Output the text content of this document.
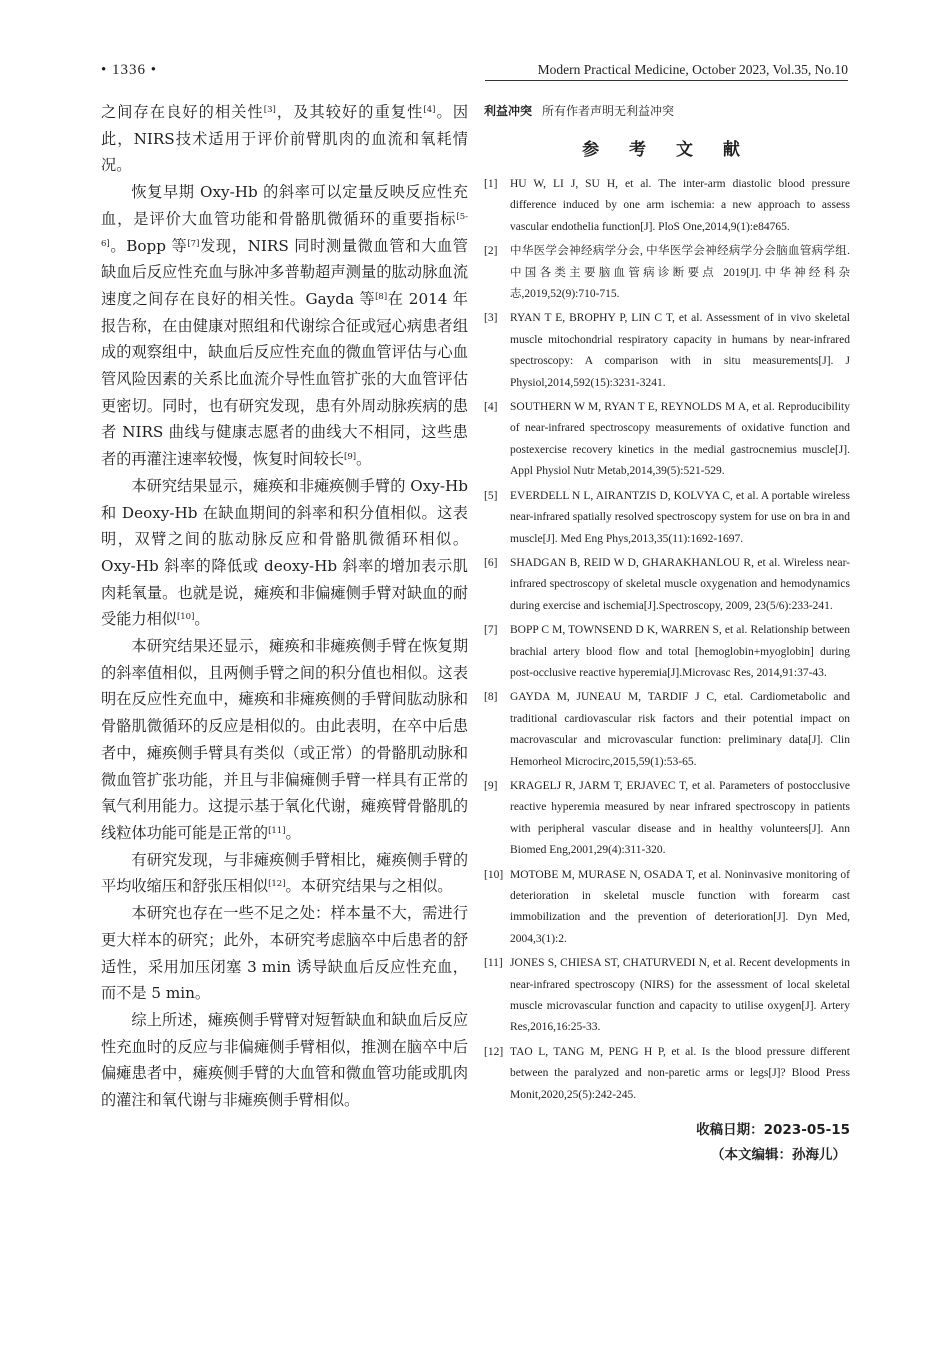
• 1336 •	Modern Practical Medicine, October 2023, Vol.35, No.10

之间存在良好的相关性[3]，及其较好的重复性[4]。因此，NIRS技术适用于评价前臂肌肉的血流和氧耗情况。

恢复早期 Oxy-Hb 的斜率可以定量反映反应性充血，是评价大血管功能和骨骼肌微循环的重要指标[5-6]。Bopp 等[7]发现，NIRS 同时测量微血管和大血管缺血后反应性充血与脉冲多普勒超声测量的肱动脉血流速度之间存在良好的相关性。Gayda 等[8]在 2014 年报告称，在由健康对照组和代谢综合征或冠心病患者组成的观察组中，缺血后反应性充血的微血管评估与心血管风险因素的关系比血流介导性血管扩张的大血管评估更密切。同时，也有研究发现，患有外周动脉疾病的患者 NIRS 曲线与健康志愿者的曲线大不相同，这些患者的再灌注速率较慢，恢复时间较长[9]。

本研究结果显示，瘫痪和非瘫痪侧手臂的 Oxy-Hb 和 Deoxy-Hb 在缺血期间的斜率和积分值相似。这表明，双臂之间的肱动脉反应和骨骼肌微循环相似。Oxy-Hb 斜率的降低或 deoxy-Hb 斜率的增加表示肌肉耗氧量。也就是说，瘫痪和非偏瘫侧手臂对缺血的耐受能力相似[10]。

本研究结果还显示，瘫痪和非瘫痪侧手臂在恢复期的斜率值相似，且两侧手臂之间的积分值也相似。这表明在反应性充血中，瘫痪和非瘫痪侧的手臂间肱动脉和骨骼肌微循环的反应是相似的。由此表明，在卒中后患者中，瘫痪侧手臂具有类似（或正常）的骨骼肌动脉和微血管扩张功能，并且与非偏瘫侧手臂一样具有正常的氧气利用能力。这提示基于氧化代谢，瘫痪臂骨骼肌的线粒体功能可能是正常的[11]。

有研究发现，与非瘫痪侧手臂相比，瘫痪侧手臂的平均收缩压和舒张压相似[12]。本研究结果与之相似。

本研究也存在一些不足之处：样本量不大，需进行更大样本的研究；此外，本研究考虑脑卒中后患者的舒适性，采用加压闭塞 3 min 诱导缺血后反应性充血，而不是 5 min。

综上所述，瘫痪侧手臂臂对短暂缺血和缺血后反应性充血时的反应与非偏瘫侧手臂相似，推测在脑卒中后偏瘫患者中，瘫痪侧手臂的大血管和微血管功能或肌肉的灌注和氧代谢与非瘫痪侧手臂相似。

利益冲突 所有作者声明无利益冲突
参 考 文 献
[1]	HU W, LI J, SU H, et al. The inter-arm diastolic blood pressure difference induced by one arm ischemia: a new approach to assess vascular endothelia function[J]. PloS One,2014,9(1):e84765.
[2]	中华医学会神经病学分会, 中华医学会神经病学分会脑血管病学组.中国各类主要脑血管病诊断要点 2019[J].中华神经科杂志,2019,52(9):710-715.
[3]	RYAN T E, BROPHY P, LIN C T, et al. Assessment of in vivo skeletal muscle mitochondrial respiratory capacity in humans by near-infrared spectroscopy: A comparison with in situ measurements[J]. J Physiol,2014,592(15):3231-3241.
[4]	SOUTHERN W M, RYAN T E, REYNOLDS M A, et al. Reproducibility of near-infrared spectroscopy measurements of oxidative function and postexercise recovery kinetics in the medial gastrocnemius muscle[J]. Appl Physiol Nutr Metab,2014,39(5):521-529.
[5]	EVERDELL N L, AIRANTZIS D, KOLVYA C, et al. A portable wireless near-infrared spatially resolved spectroscopy system for use on bra in and muscle[J]. Med Eng Phys,2013,35(11):1692-1697.
[6]	SHADGAN B, REID W D, GHARAKHANLOU R, et al. Wireless near-infrared spectroscopy of skeletal muscle oxygenation and hemodynamics during exercise and ischemia[J].Spectroscopy, 2009, 23(5/6):233-241.
[7]	BOPP C M, TOWNSEND D K, WARREN S, et al. Relationship between brachial artery blood flow and total [hemoglobin+myoglobin] during post-occlusive reactive hyperemia[J].Microvasc Res, 2014,91:37-43.
[8]	GAYDA M, JUNEAU M, TARDIF J C, etal. Cardiometabolic and traditional cardiovascular risk factors and their potential impact on macrovascular and microvascular function: preliminary data[J]. Clin Hemorheol Microcirc,2015,59(1):53-65.
[9]	KRAGELJ R, JARM T, ERJAVEC T, et al. Parameters of postocclusive reactive hyperemia measured by near infrared spectroscopy in patients with peripheral vascular disease and in healthy volunteers[J]. Ann Biomed Eng,2001,29(4):311-320.
[10] MOTOBE M, MURASE N, OSADA T, et al. Noninvasive monitoring of deterioration in skeletal muscle function with forearm cast immobilization and the prevention of deterioration[J]. Dyn Med, 2004,3(1):2.
[11] JONES S, CHIESA ST, CHATURVEDI N, et al. Recent developments in near-infrared spectroscopy (NIRS) for the assessment of local skeletal muscle microvascular function and capacity to utilise oxygen[J]. Artery Res,2016,16:25-33.
[12] TAO L, TANG M, PENG H P, et al. Is the blood pressure different between the paralyzed and non-paretic arms or legs[J]? Blood Press Monit,2020,25(5):242-245.
收稿日期：2023-05-15
（本文编辑：孙海儿）
